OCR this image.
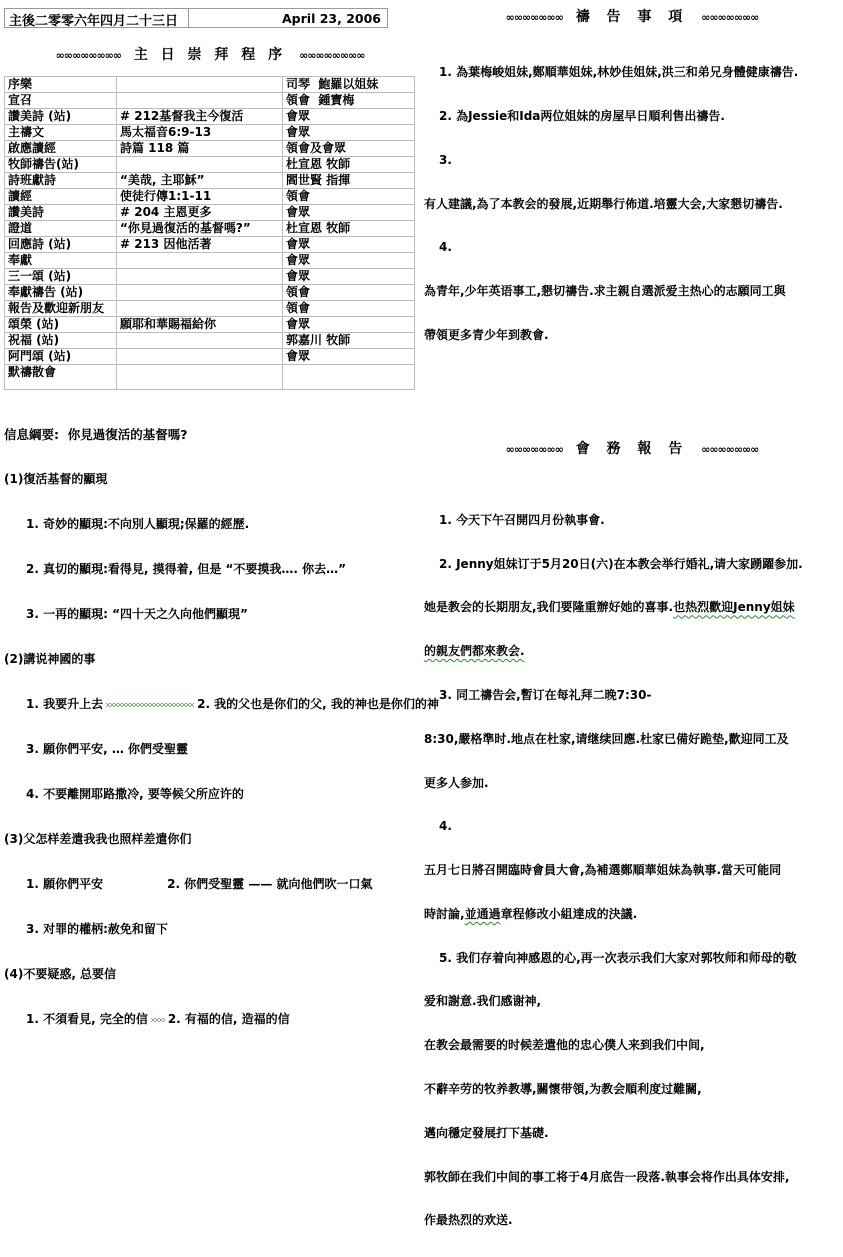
主後二零零六年四月二十三日	April 23, 2006
∞∞∞∞∞∞∞∞ 主 日 崇 拜 程 序 ∞∞∞∞∞∞∞∞
序樂		司琴  鮑羅以姐妹
宣召		領會  鍾寶梅
讚美詩 (站)	# 212基督我主今復活	會眾
主禱文	馬太福音6:9-13	會眾
啟應讀經	詩篇 118 篇	領會及會眾
牧師禱告(站)		杜宣恩 牧師
詩班獻詩	“美哉, 主耶穌”	閻世賢 指揮
讀經	使徒行傳1:1-11	領會
讚美詩	# 204 主恩更多	會眾
證道	“你見過復活的基督嗎?”	杜宣恩 牧師
回應詩 (站)	# 213 因他活著	會眾
奉獻		會眾
三一頌 (站)		會眾
奉獻禱告 (站)		領會
報告及歡迎新朋友		領會
頌榮 (站)	願耶和華賜福給你	會眾
祝福 (站)		郭嘉川 牧師
阿門頌 (站)		會眾
默禱散會		

信息綱要:  你見過復活的基督嗎?

(1)復活基督的顯現

1. 奇妙的顯現:不向別人顯現;保羅的經歷.

2. 真切的顯現:看得見, 摸得着, 但是 “不要摸我…. 你去…”

3. 一再的顯現: “四十天之久向他們顯現”

(2)講说神國的事

1. 我要升上去	2. 我的父也是你们的父, 我的神也是你们的神

3. 願你們平安, … 你們受聖靈

4. 不要離開耶路撒冷, 要等候父所应许的

(3)父怎样差遣我我也照样差遣你们

1. 願你們平安	2. 你們受聖靈 —— 就向他們吹一口氣

3. 对罪的權柄:赦免和留下

(4)不要疑惑, 总要信

1. 不須看見, 完全的信 2. 有福的信, 造福的信

∞∞∞∞∞∞∞ 禱 告 事 項 ∞∞∞∞∞∞∞

1. 為葉梅峻姐妹,鄭順華姐妹,林妙佳姐妹,洪三和弟兄身體健康禱告.

2. 為Jessie和Ida两位姐妹的房屋早日順利售出禱告.

3.

有人建議,為了本教会的發展,近期舉行佈道.培靈大会,大家懇切禱告.

4.

為青年,少年英语事工,懇切禱告.求主親自選派爱主热心的志願同工與

帶領更多青少年到教會.

∞∞∞∞∞∞∞ 會 務 報 告 ∞∞∞∞∞∞∞

1. 今天下午召開四月份執事會.

2. Jenny姐妹订于5月20日(六)在本教会举行婚礼,请大家踴躍参加.

她是教会的长期朋友,我们要隆重辦好她的喜事.也热烈歡迎Jenny姐妹

的親友們都來教会.

3. 同工禱告会,暫订在每礼拜二晚7:30-

8:30,嚴格準时.地点在杜家,请继续回應.杜家已備好跪垫,歡迎同工及

更多人参加.

4.

五月七日將召開臨時會員大會,為補選鄭順華姐妹為執事.當天可能同

時討論,並通過章程修改小組達成的決議.

5. 我们存着向神感恩的心,再一次表示我们大家对郭牧师和师母的敬

爱和謝意.我们感谢神,

在教会最需要的时候差遣他的忠心僕人来到我们中间,

不辭辛劳的牧养教導,關懷带領,为教会順利度过難關,

邁向穩定發展打下基礎.

郭牧師在我们中间的事工将于4月底告一段落.執事会将作出具体安排,

作最热烈的欢送.
